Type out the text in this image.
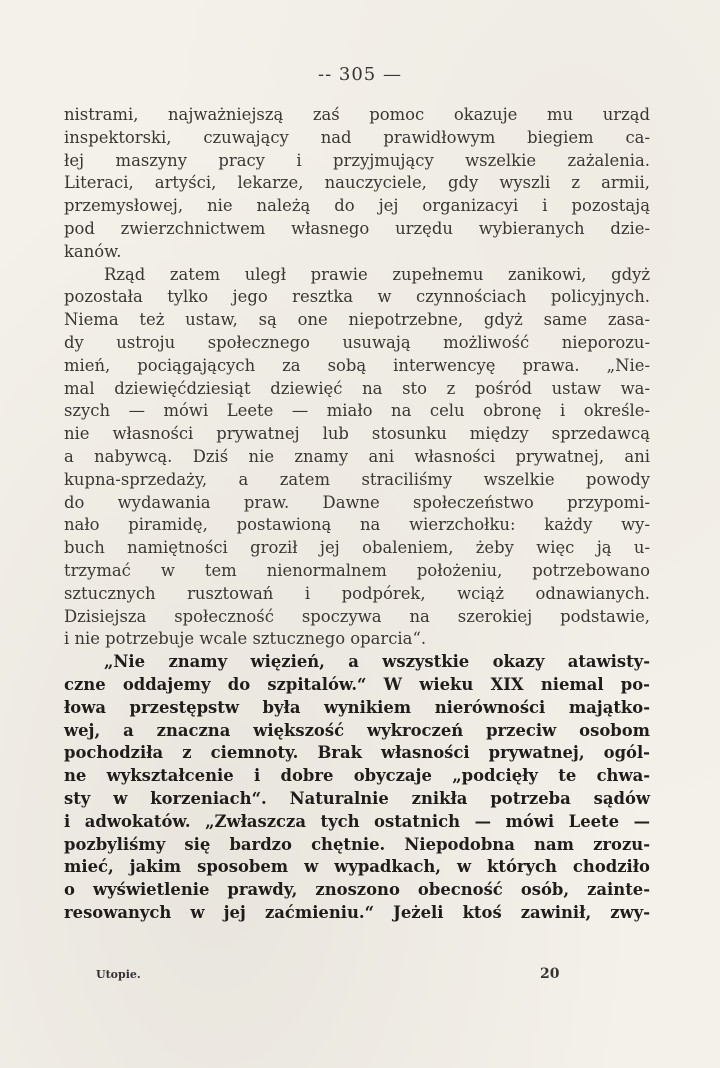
-- 305 —
nistrami, najważniejszą zaś pomoc okazuje mu urząd
inspektorski, czuwający nad prawidłowym biegiem ca-
łej maszyny pracy i przyjmujący wszelkie zażalenia.
Literaci, artyści, lekarze, nauczyciele, gdy wyszli z armii,
przemysłowej, nie należą do jej organizacyi i pozostają
pod zwierzchnictwem własnego urzędu wybieranych dzie-
kanów.
Rząd zatem uległ prawie zupełnemu zanikowi, gdyż
pozostała tylko jego resztka w czynnościach policyjnych.
Niema też ustaw, są one niepotrzebne, gdyż same zasa-
dy ustroju społecznego usuwają możliwość nieporozu-
mień, pociągających za sobą interwencyę prawa. „Nie-
mal dziewięćdziesiąt dziewięć na sto z pośród ustaw wa-
szych — mówi Leete — miało na celu obronę i określe-
nie własności prywatnej lub stosunku między sprzedawcą
a nabywcą. Dziś nie znamy ani własności prywatnej, ani
kupna-sprzedaży, a zatem straciliśmy wszelkie powody
do wydawania praw. Dawne społeczeństwo przypomi-
nało piramidę, postawioną na wierzchołku: każdy wy-
buch namiętności groził jej obaleniem, żeby więc ją u-
trzymać w tem nienormalnem położeniu, potrzebowano
sztucznych rusztowań i podpórek, wciąż odnawianych.
Dzisiejsza społeczność spoczywa na szerokiej podstawie,
i nie potrzebuje wcale sztucznego oparcia“.
„Nie znamy więzień, a wszystkie okazy atawisty-
czne oddajemy do szpitalów.“ W wieku XIX niemal po-
łowa przestępstw była wynikiem nierówności majątko-
wej, a znaczna większość wykroczeń przeciw osobom
pochodziła z ciemnoty. Brak własności prywatnej, ogól-
ne wykształcenie i dobre obyczaje „podcięły te chwa-
sty w korzeniach“. Naturalnie znikła potrzeba sądów
i adwokatów. „Zwłaszcza tych ostatnich — mówi Leete —
pozbyliśmy się bardzo chętnie. Niepodobna nam zrozu-
mieć, jakim sposobem w wypadkach, w których chodziło
o wyświetlenie prawdy, znoszono obecność osób, zainte-
resowanych w jej zaćmieniu.“ Jeżeli ktoś zawinił, zwy-
Utopie.	20
